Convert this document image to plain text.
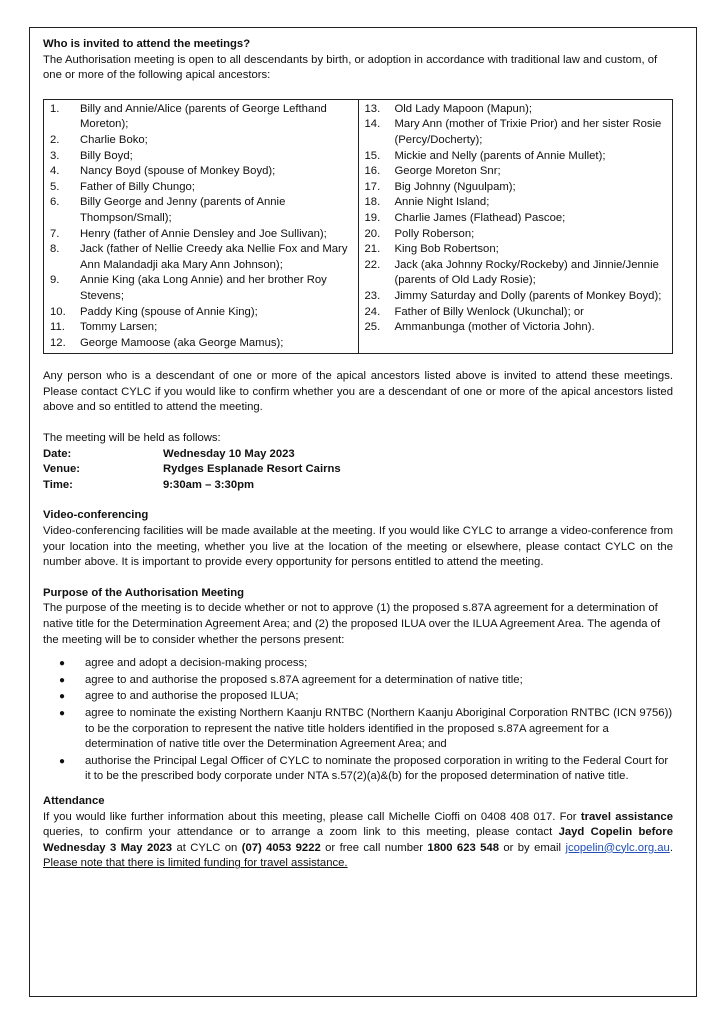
Who is invited to attend the meetings?
The Authorisation meeting is open to all descendants by birth, or adoption in accordance with traditional law and custom, of one or more of the following apical ancestors:
1.	Billy and Annie/Alice (parents of George Lefthand Moreton);
2.	Charlie Boko;
3.	Billy Boyd;
4.	Nancy Boyd (spouse of Monkey Boyd);
5.	Father of Billy Chungo;
6.	Billy George and Jenny (parents of Annie Thompson/Small);
7.	Henry (father of Annie Densley and Joe Sullivan);
8.	Jack (father of Nellie Creedy aka Nellie Fox and Mary Ann Malandadji aka Mary Ann Johnson);
9.	Annie King (aka Long Annie) and her brother Roy Stevens;
10.	Paddy King (spouse of Annie King);
11.	Tommy Larsen;
12.	George Mamoose (aka George Mamus);

13.	Old Lady Mapoon (Mapun);
14.	Mary Ann (mother of Trixie Prior) and her sister Rosie (Percy/Docherty);
15.	Mickie and Nelly (parents of Annie Mullet);
16.	George Moreton Snr;
17.	Big Johnny (Nguulpam);
18.	Annie Night Island;
19.	Charlie James (Flathead) Pascoe;
20.	Polly Roberson;
21.	King Bob Robertson;
22.	Jack (aka Johnny Rocky/Rockeby) and Jinnie/Jennie (parents of Old Lady Rosie);
23.	Jimmy Saturday and Dolly (parents of Monkey Boyd);
24.	Father of Billy Wenlock (Ukunchal); or
25.	Ammanbunga (mother of Victoria John).
Any person who is a descendant of one or more of the apical ancestors listed above is invited to attend these meetings. Please contact CYLC if you would like to confirm whether you are a descendant of one or more of the apical ancestors listed above and so entitled to attend the meeting.
The meeting will be held as follows:
Date:	Wednesday 10 May 2023
Venue:	Rydges Esplanade Resort Cairns
Time:	9:30am – 3:30pm
Video-conferencing
Video-conferencing facilities will be made available at the meeting. If you would like CYLC to arrange a video-conference from your location into the meeting, whether you live at the location of the meeting or elsewhere, please contact CYLC on the number above. It is important to provide every opportunity for persons entitled to attend the meeting.
Purpose of the Authorisation Meeting
The purpose of the meeting is to decide whether or not to approve (1) the proposed s.87A agreement for a determination of native title for the Determination Agreement Area; and (2) the proposed ILUA over the ILUA Agreement Area. The agenda of the meeting will be to consider whether the persons present:
●	agree and adopt a decision-making process;
●	agree to and authorise the proposed s.87A agreement for a determination of native title;
●	agree to and authorise the proposed ILUA;
●	agree to nominate the existing Northern Kaanju RNTBC (Northern Kaanju Aboriginal Corporation RNTBC (ICN 9756)) to be the corporation to represent the native title holders identified in the proposed s.87A agreement for a determination of native title over the Determination Agreement Area; and
●	authorise the Principal Legal Officer of CYLC to nominate the proposed corporation in writing to the Federal Court for it to be the prescribed body corporate under NTA s.57(2)(a)&(b) for the proposed determination of native title.
Attendance
If you would like further information about this meeting, please call Michelle Cioffi on 0408 408 017. For travel assistance queries, to confirm your attendance or to arrange a zoom link to this meeting, please contact Jayd Copelin before Wednesday 3 May 2023 at CYLC on (07) 4053 9222 or free call number 1800 623 548 or by email jcopelin@cylc.org.au. Please note that there is limited funding for travel assistance.
